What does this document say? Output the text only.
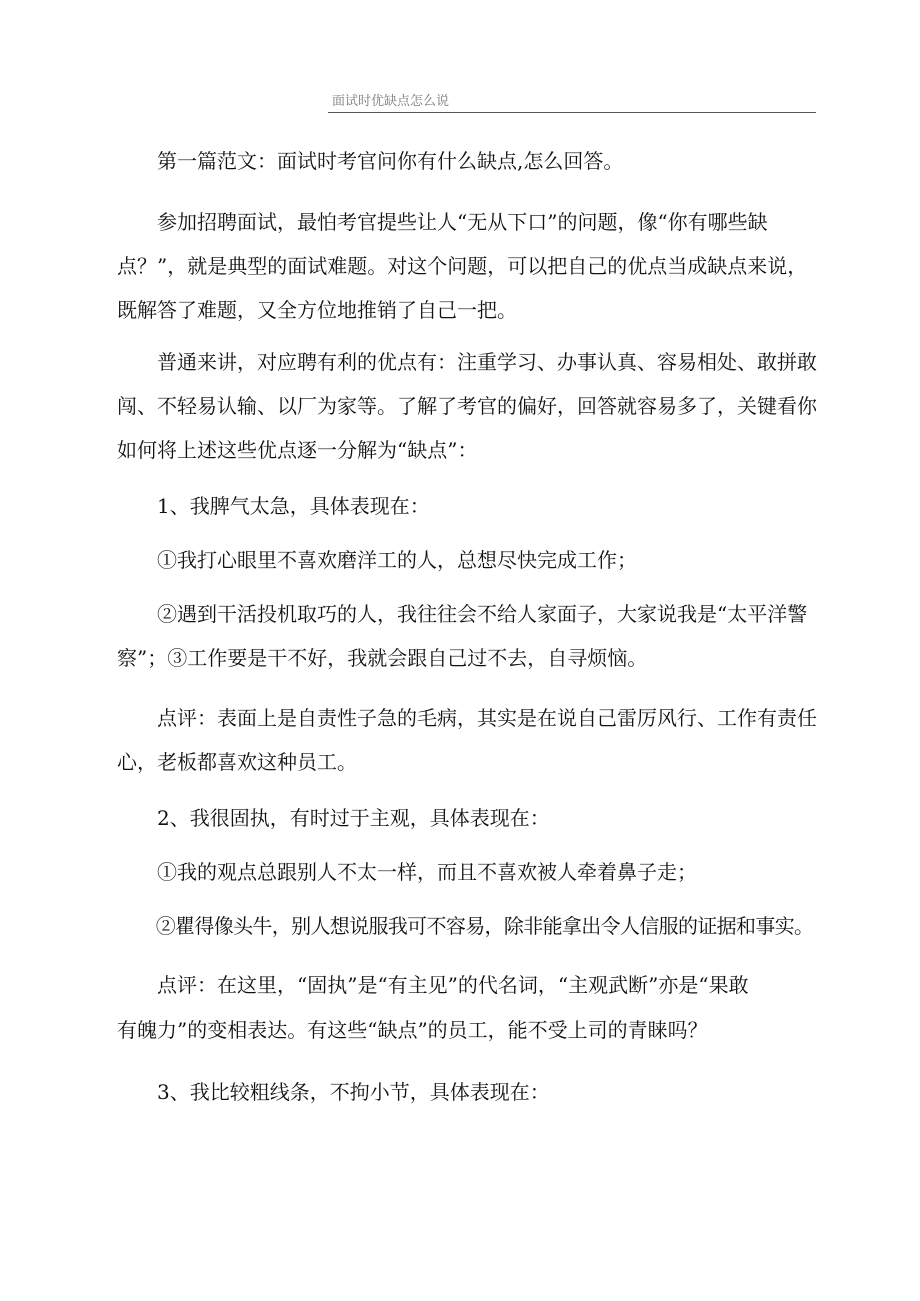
面试时优缺点怎么说

　　第一篇范文：面试时考官问你有什么缺点,怎么回答。

　　参加招聘面试，最怕考官提些让人“无从下口”的问题，像“你有哪些缺

点？”，就是典型的面试难题。对这个问题，可以把自己的优点当成缺点来说，

既解答了难题，又全方位地推销了自己一把。

　　普通来讲，对应聘有利的优点有：注重学习、办事认真、容易相处、敢拼敢

闯、不轻易认输、以厂为家等。了解了考官的偏好，回答就容易多了，关键看你

如何将上述这些优点逐一分解为“缺点”：

　　1、我脾气太急，具体表现在：

　　①我打心眼里不喜欢磨洋工的人，总想尽快完成工作；

　　②遇到干活投机取巧的人，我往往会不给人家面子，大家说我是“太平洋警

察”；③工作要是干不好，我就会跟自己过不去，自寻烦恼。

　　点评：表面上是自责性子急的毛病，其实是在说自己雷厉风行、工作有责任

心，老板都喜欢这种员工。

　　2、我很固执，有时过于主观，具体表现在：

　　①我的观点总跟别人不太一样，而且不喜欢被人牵着鼻子走；

　　②瞿得像头牛，别人想说服我可不容易，除非能拿出令人信服的证据和事实。

　　点评：在这里，“固执”是“有主见”的代名词，“主观武断”亦是“果敢

有魄力”的变相表达。有这些“缺点”的员工，能不受上司的青睐吗？

　　3、我比较粗线条，不拘小节，具体表现在：
